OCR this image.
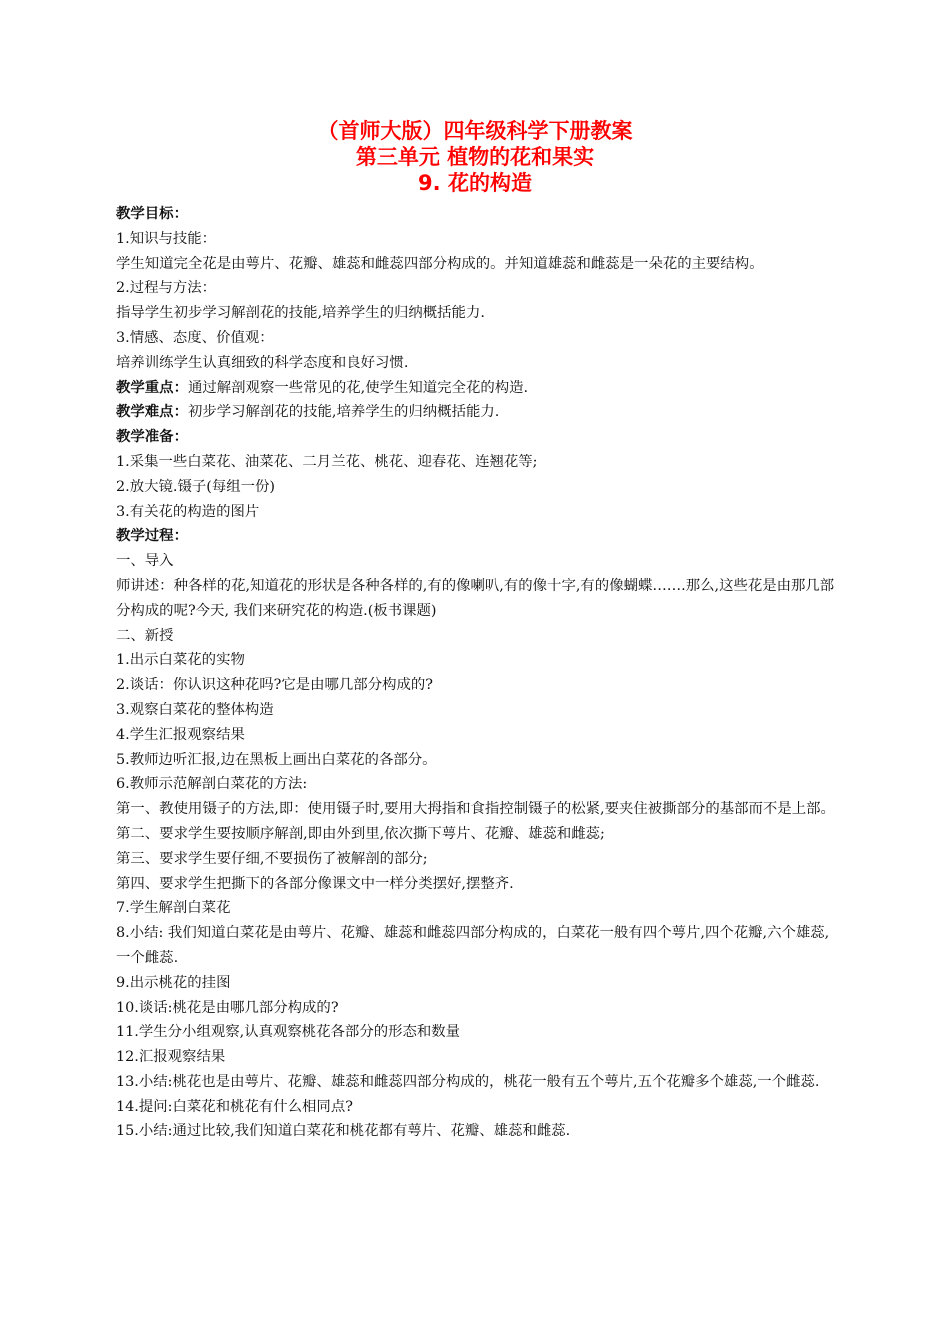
（首师大版）四年级科学下册教案
第三单元 植物的花和果实
9. 花的构造

教学目标：

1.知识与技能：

学生知道完全花是由萼片、花瓣、雄蕊和雌蕊四部分构成的。并知道雄蕊和雌蕊是一朵花的主要结构。

2.过程与方法：

指导学生初步学习解剖花的技能,培养学生的归纳概括能力.

3.情感、态度、价值观：

培养训练学生认真细致的科学态度和良好习惯.

教学重点：通过解剖观察一些常见的花,使学生知道完全花的构造.

教学难点：初步学习解剖花的技能,培养学生的归纳概括能力.

教学准备：

1.采集一些白菜花、油菜花、二月兰花、桃花、迎春花、连翘花等;

2.放大镜.镊子(每组一份)

3.有关花的构造的图片

教学过程：

一、导入

师讲述：种各样的花,知道花的形状是各种各样的,有的像喇叭,有的像十字,有的像蝴蝶…….那么,这些花是由那几部分构成的呢?今天, 我们来研究花的构造.(板书课题)

二、新授

1.出示白菜花的实物

2.谈话：你认识这种花吗?它是由哪几部分构成的?

3.观察白菜花的整体构造

4.学生汇报观察结果

5.教师边听汇报,边在黑板上画出白菜花的各部分。

6.教师示范解剖白菜花的方法:

第一、教使用镊子的方法,即：使用镊子时,要用大拇指和食指控制镊子的松紧,要夹住被撕部分的基部而不是上部。

第二、要求学生要按顺序解剖,即由外到里,依次撕下萼片、花瓣、雄蕊和雌蕊;

第三、要求学生要仔细,不要损伤了被解剖的部分;

第四、要求学生把撕下的各部分像课文中一样分类摆好,摆整齐.

7.学生解剖白菜花

8.小结: 我们知道白菜花是由萼片、花瓣、雄蕊和雌蕊四部分构成的，白菜花一般有四个萼片,四个花瓣,六个雄蕊,一个雌蕊.

9.出示桃花的挂图

10.谈话:桃花是由哪几部分构成的?

11.学生分小组观察,认真观察桃花各部分的形态和数量

12.汇报观察结果

13.小结:桃花也是由萼片、花瓣、雄蕊和雌蕊四部分构成的，桃花一般有五个萼片,五个花瓣多个雄蕊,一个雌蕊.

14.提问:白菜花和桃花有什么相同点?

15.小结:通过比较,我们知道白菜花和桃花都有萼片、花瓣、雄蕊和雌蕊.
